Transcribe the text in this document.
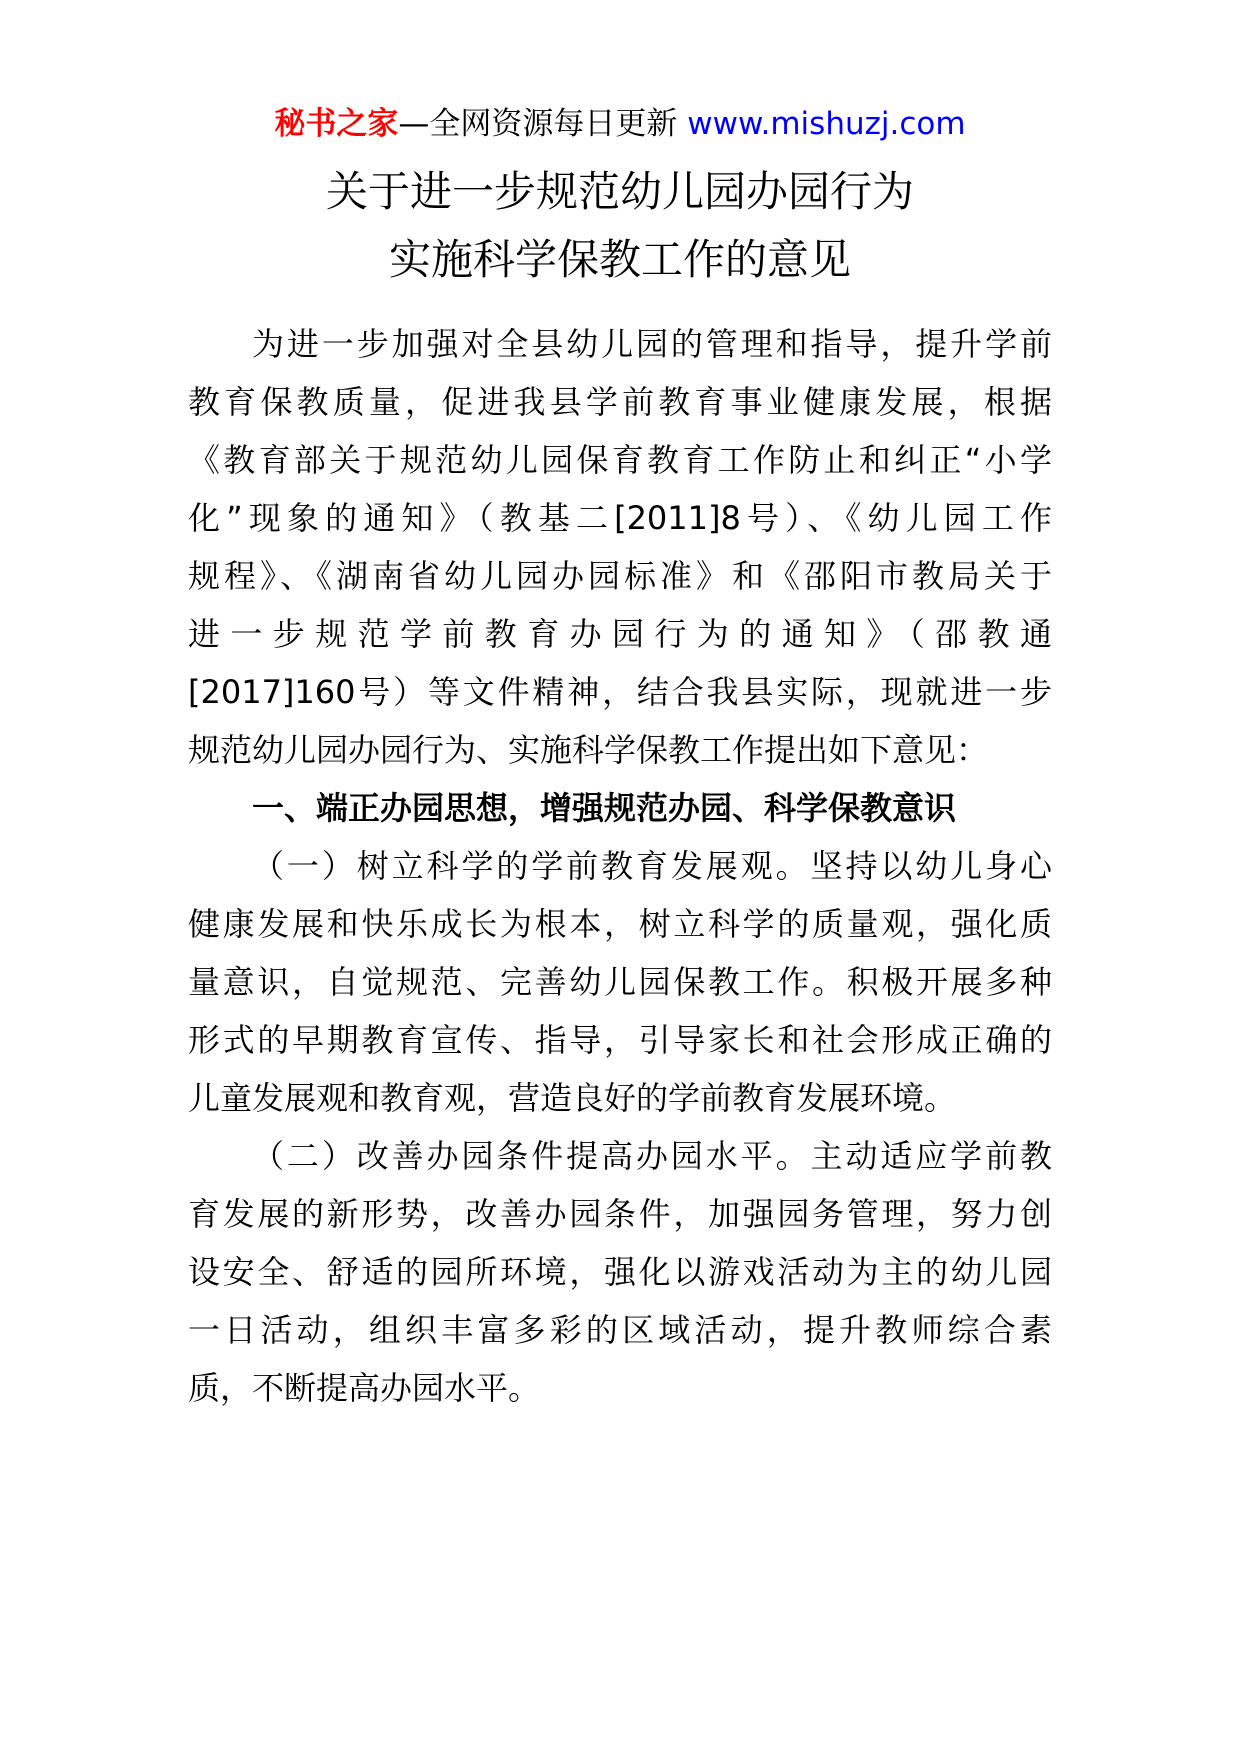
秘书之家—全网资源每日更新 www.mishuzj.com
关于进一步规范幼儿园办园行为
实施科学保教工作的意见
为进一步加强对全县幼儿园的管理和指导，提升学前
教育保教质量，促进我县学前教育事业健康发展，根据
《教育部关于规范幼儿园保育教育工作防止和纠正“小学
化”现象的通知》（教基二[2011]8号）、《幼儿园工作
规程》、《湖南省幼儿园办园标准》和《邵阳市教局关于
进一步规范学前教育办园行为的通知》（邵教通
[2017]160号）等文件精神，结合我县实际，现就进一步
规范幼儿园办园行为、实施科学保教工作提出如下意见：
一、端正办园思想，增强规范办园、科学保教意识
（一）树立科学的学前教育发展观。坚持以幼儿身心
健康发展和快乐成长为根本，树立科学的质量观，强化质
量意识，自觉规范、完善幼儿园保教工作。积极开展多种
形式的早期教育宣传、指导，引导家长和社会形成正确的
儿童发展观和教育观，营造良好的学前教育发展环境。
（二）改善办园条件提高办园水平。主动适应学前教
育发展的新形势，改善办园条件，加强园务管理，努力创
设安全、舒适的园所环境，强化以游戏活动为主的幼儿园
一日活动，组织丰富多彩的区域活动，提升教师综合素
质，不断提高办园水平。
